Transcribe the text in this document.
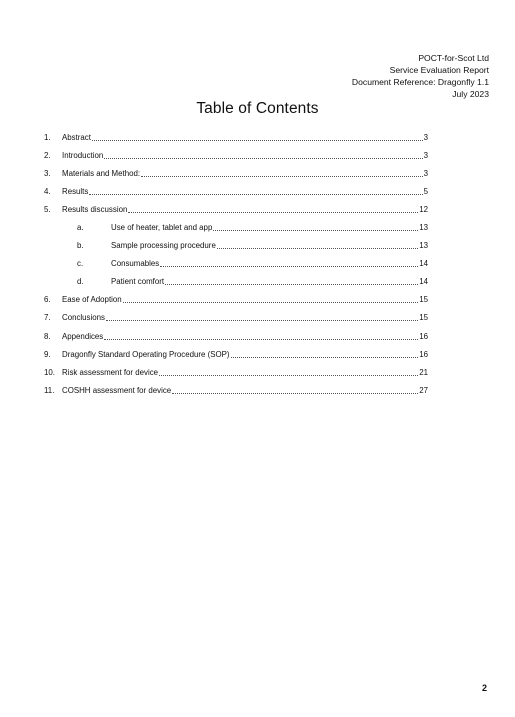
POCT-for-Scot Ltd
Service Evaluation Report
Document Reference: Dragonfly 1.1
July 2023
Table of Contents
1.	Abstract	3
2.	Introduction	3
3.	Materials and Method:	3
4.	Results	5
5.	Results discussion	12
a.	Use of heater, tablet and app	13
b.	Sample processing procedure	13
c.	Consumables	14
d.	Patient comfort	14
6.	Ease of Adoption	15
7.	Conclusions	15
8.	Appendices	16
9.	Dragonfly Standard Operating Procedure (SOP)	16
10. Risk assessment for device	21
11. COSHH assessment for device	27
2
